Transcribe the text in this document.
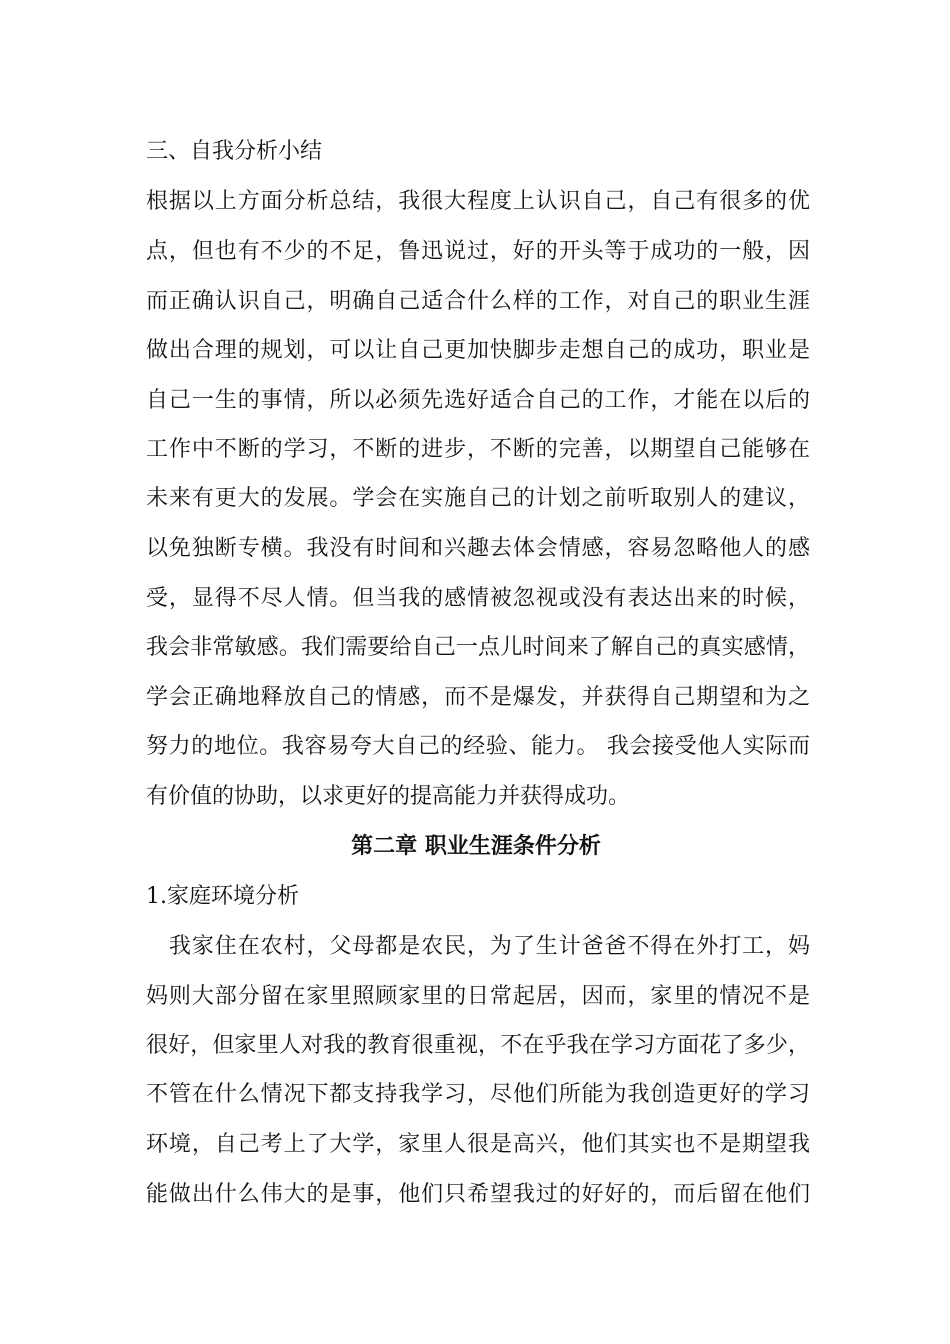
三、自我分析小结
根据以上方面分析总结，我很大程度上认识自己，自己有很多的优
点，但也有不少的不足，鲁迅说过，好的开头等于成功的一般，因
而正确认识自己，明确自己适合什么样的工作，对自己的职业生涯
做出合理的规划，可以让自己更加快脚步走想自己的成功，职业是
自己一生的事情，所以必须先选好适合自己的工作，才能在以后的
工作中不断的学习，不断的进步，不断的完善，以期望自己能够在
未来有更大的发展。学会在实施自己的计划之前听取别人的建议，
以免独断专横。我没有时间和兴趣去体会情感，容易忽略他人的感
受，显得不尽人情。但当我的感情被忽视或没有表达出来的时候，
我会非常敏感。我们需要给自己一点儿时间来了解自己的真实感情，
学会正确地释放自己的情感，而不是爆发，并获得自己期望和为之
努力的地位。我容易夸大自己的经验、能力。 我会接受他人实际而
有价值的协助，以求更好的提高能力并获得成功。
第二章 职业生涯条件分析
1.家庭环境分析
　我家住在农村，父母都是农民，为了生计爸爸不得在外打工，妈
妈则大部分留在家里照顾家里的日常起居，因而，家里的情况不是
很好，但家里人对我的教育很重视，不在乎我在学习方面花了多少，
不管在什么情况下都支持我学习，尽他们所能为我创造更好的学习
环境，自己考上了大学，家里人很是高兴，他们其实也不是期望我
能做出什么伟大的是事，他们只希望我过的好好的，而后留在他们
